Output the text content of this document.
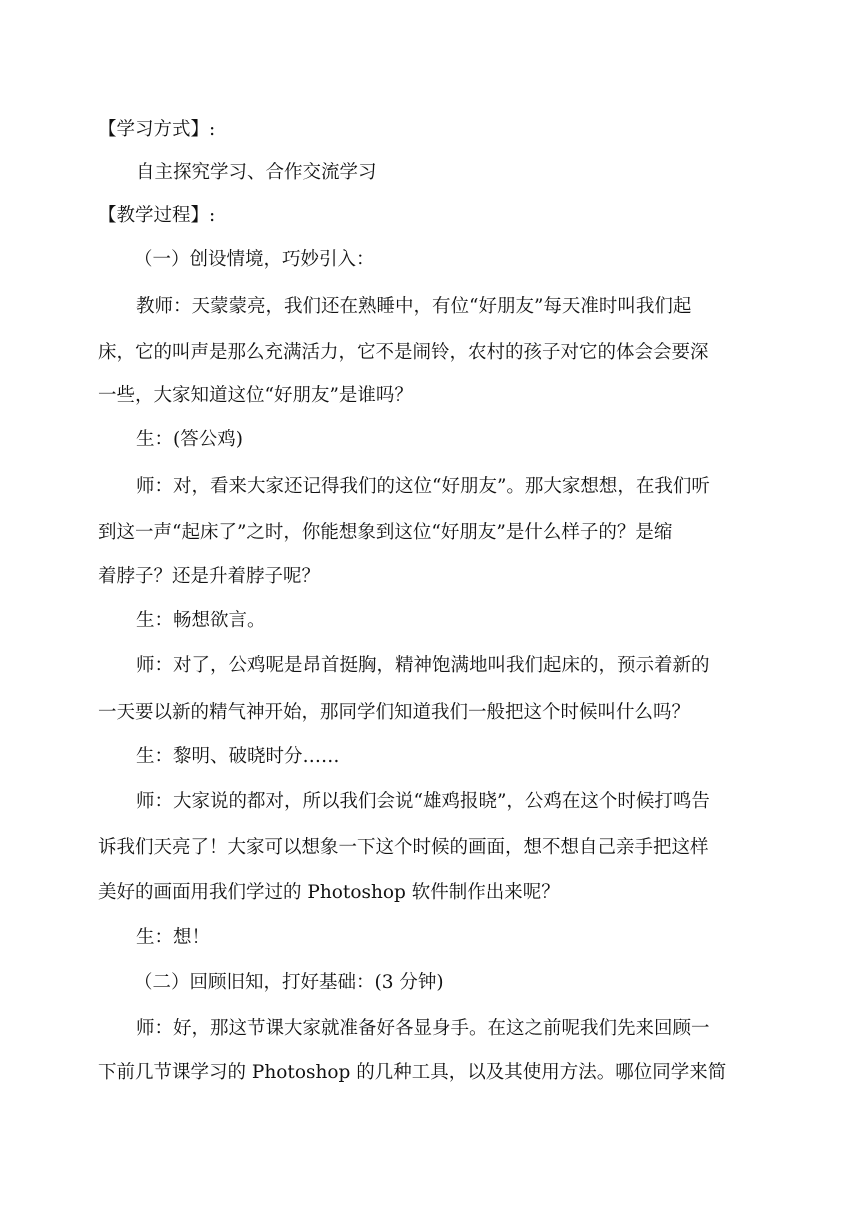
【学习方式】:
自主探究学习、合作交流学习
【教学过程】:
（一）创设情境，巧妙引入：
教师：天蒙蒙亮，我们还在熟睡中，有位“好朋友”每天准时叫我们起
床，它的叫声是那么充满活力，它不是闹铃，农村的孩子对它的体会会要深
一些，大家知道这位“好朋友”是谁吗？
生：(答公鸡)
师：对，看来大家还记得我们的这位“好朋友”。那大家想想，在我们听
到这一声“起床了”之时，你能想象到这位“好朋友”是什么样子的？是缩
着脖子？还是升着脖子呢？
生：畅想欲言。
师：对了，公鸡呢是昂首挺胸，精神饱满地叫我们起床的，预示着新的
一天要以新的精气神开始，那同学们知道我们一般把这个时候叫什么吗？
生：黎明、破晓时分……
师：大家说的都对，所以我们会说“雄鸡报晓”，公鸡在这个时候打鸣告
诉我们天亮了！大家可以想象一下这个时候的画面，想不想自己亲手把这样
美好的画面用我们学过的 Photoshop 软件制作出来呢？
生：想！
（二）回顾旧知，打好基础：(3 分钟)
师：好，那这节课大家就准备好各显身手。在这之前呢我们先来回顾一
下前几节课学习的 Photoshop 的几种工具，以及其使用方法。哪位同学来简
